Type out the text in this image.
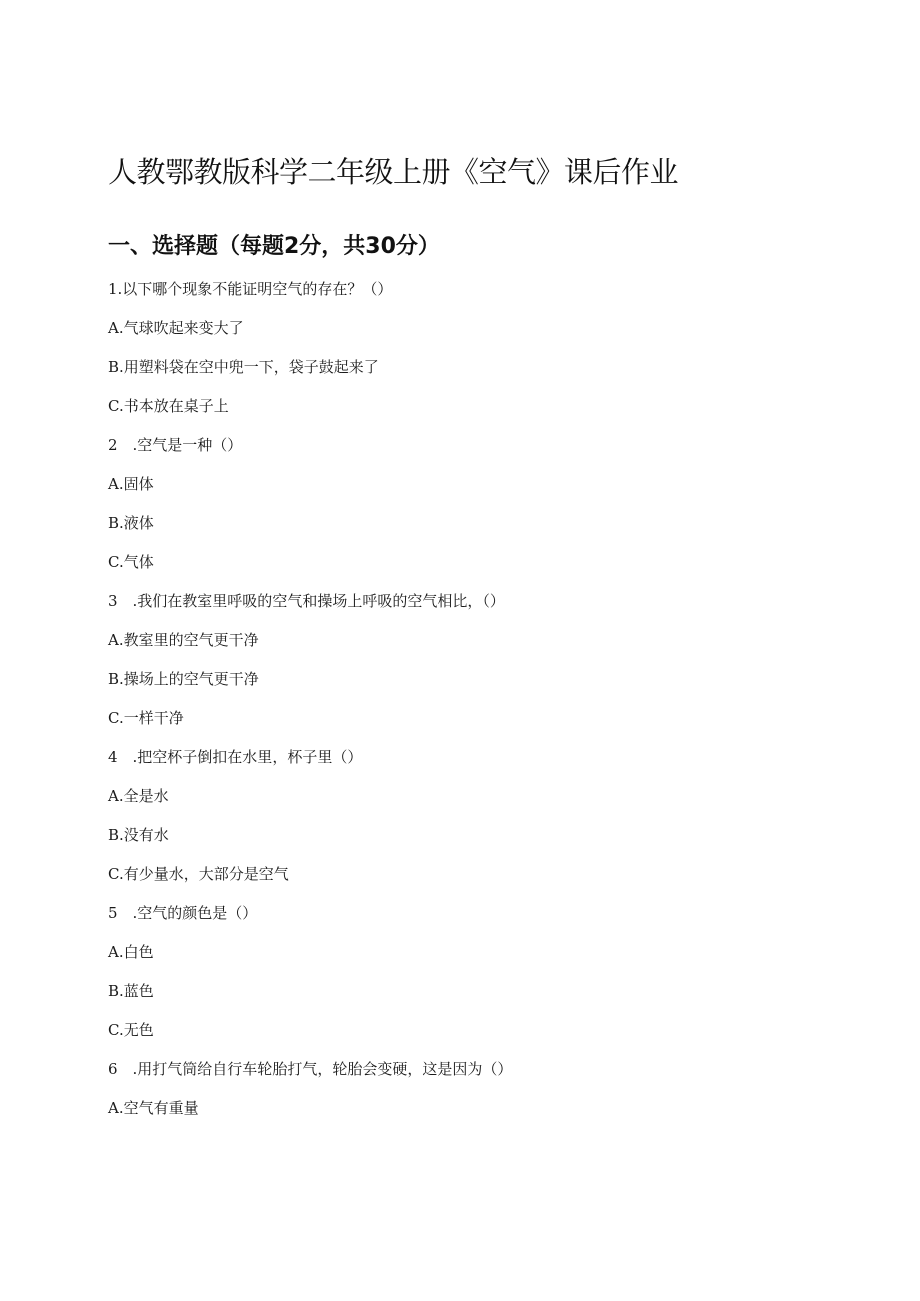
人教鄂教版科学二年级上册《空气》课后作业
一、选择题（每题2分，共30分）

1.以下哪个现象不能证明空气的存在？（）

A.气球吹起来变大了

B.用塑料袋在空中兜一下，袋子鼓起来了

C.书本放在桌子上

2　.空气是一种（）

A.固体

B.液体

C.气体

3　.我们在教室里呼吸的空气和操场上呼吸的空气相比，（）

A.教室里的空气更干净

B.操场上的空气更干净

C.一样干净

4　.把空杯子倒扣在水里，杯子里（）

A.全是水

B.没有水

C.有少量水，大部分是空气

5　.空气的颜色是（）

A.白色

B.蓝色

C.无色

6　.用打气筒给自行车轮胎打气，轮胎会变硬，这是因为（）

A.空气有重量
